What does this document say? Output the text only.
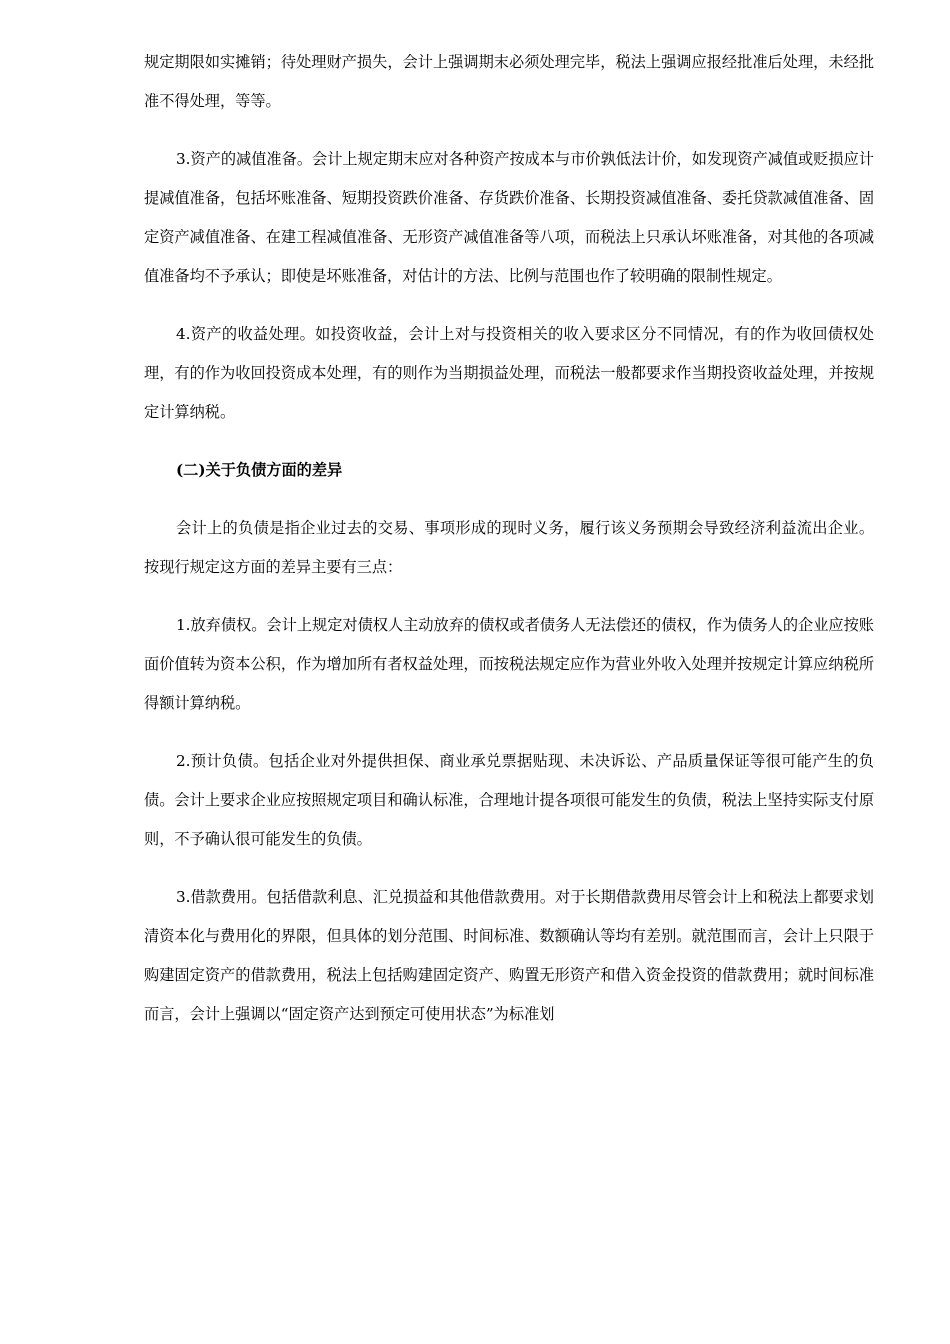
规定期限如实摊销；待处理财产损失，会计上强调期末必须处理完毕，税法上强调应报经批准后处理，未经批准不得处理，等等。

3.资产的减值准备。会计上规定期末应对各种资产按成本与市价孰低法计价，如发现资产减值或贬损应计提减值准备，包括坏账准备、短期投资跌价准备、存货跌价准备、长期投资减值准备、委托贷款减值准备、固定资产减值准备、在建工程减值准备、无形资产减值准备等八项，而税法上只承认坏账准备，对其他的各项减值准备均不予承认；即使是坏账准备，对估计的方法、比例与范围也作了较明确的限制性规定。

4.资产的收益处理。如投资收益，会计上对与投资相关的收入要求区分不同情况，有的作为收回债权处理，有的作为收回投资成本处理，有的则作为当期损益处理，而税法一般都要求作当期投资收益处理，并按规定计算纳税。

(二)关于负债方面的差异

会计上的负债是指企业过去的交易、事项形成的现时义务，履行该义务预期会导致经济利益流出企业。按现行规定这方面的差异主要有三点：

1.放弃债权。会计上规定对债权人主动放弃的债权或者债务人无法偿还的债权，作为债务人的企业应按账面价值转为资本公积，作为增加所有者权益处理，而按税法规定应作为营业外收入处理并按规定计算应纳税所得额计算纳税。

2.预计负债。包括企业对外提供担保、商业承兑票据贴现、未决诉讼、产品质量保证等很可能产生的负债。会计上要求企业应按照规定项目和确认标准，合理地计提各项很可能发生的负债，税法上坚持实际支付原则，不予确认很可能发生的负债。

3.借款费用。包括借款利息、汇兑损益和其他借款费用。对于长期借款费用尽管会计上和税法上都要求划清资本化与费用化的界限，但具体的划分范围、时间标准、数额确认等均有差别。就范围而言，会计上只限于购建固定资产的借款费用，税法上包括购建固定资产、购置无形资产和借入资金投资的借款费用；就时间标准而言，会计上强调以“固定资产达到预定可使用状态”为标准划
